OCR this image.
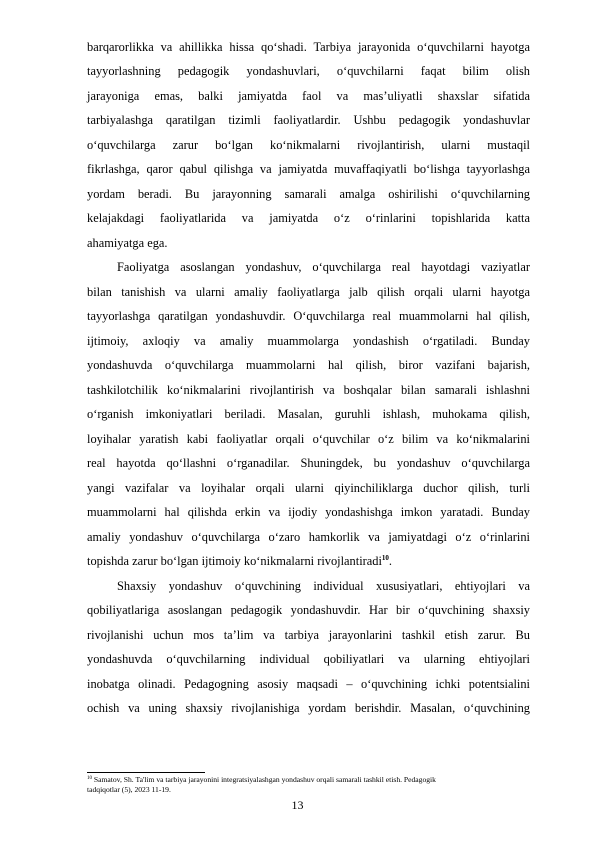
barqarorlikka va ahillikka hissa qo‘shadi. Tarbiya jarayonida o‘quvchilarni hayotga
tayyorlashning pedagogik yondashuvlari, o‘quvchilarni faqat bilim olish
jarayoniga emas, balki jamiyatda faol va mas’uliyatli shaxslar sifatida
tarbiyalashga qaratilgan tizimli faoliyatlardir. Ushbu pedagogik yondashuvlar
o‘quvchilarga zarur bo‘lgan ko‘nikmalarni rivojlantirish, ularni mustaqil
fikrlashga, qaror qabul qilishga va jamiyatda muvaffaqiyatli bo‘lishga tayyorlashga
yordam beradi. Bu jarayonning samarali amalga oshirilishi o‘quvchilarning
kelajakdagi faoliyatlarida va jamiyatda o‘z o‘rinlarini topishlarida katta
ahamiyatga ega.
Faoliyatga asoslangan yondashuv, o‘quvchilarga real hayotdagi vaziyatlar
bilan tanishish va ularni amaliy faoliyatlarga jalb qilish orqali ularni hayotga
tayyorlashga qaratilgan yondashuvdir. O‘quvchilarga real muammolarni hal qilish,
ijtimoiy, axloqiy va amaliy muammolarga yondashish o‘rgatiladi. Bunday
yondashuvda o‘quvchilarga muammolarni hal qilish, biror vazifani bajarish,
tashkilotchilik ko‘nikmalarini rivojlantirish va boshqalar bilan samarali ishlashni
o‘rganish imkoniyatlari beriladi. Masalan, guruhli ishlash, muhokama qilish,
loyihalar yaratish kabi faoliyatlar orqali o‘quvchilar o‘z bilim va ko‘nikmalarini
real hayotda qo‘llashni o‘rganadilar. Shuningdek, bu yondashuv o‘quvchilarga
yangi vazifalar va loyihalar orqali ularni qiyinchiliklarga duchor qilish, turli
muammolarni hal qilishda erkin va ijodiy yondashishga imkon yaratadi. Bunday
amaliy yondashuv o‘quvchilarga o‘zaro hamkorlik va jamiyatdagi o‘z o‘rinlarini
topishda zarur bo‘lgan ijtimoiy ko‘nikmalarni rivojlantiradi$^{10}$.
Shaxsiy yondashuv o‘quvchining individual xususiyatlari, ehtiyojlari va
qobiliyatlariga asoslangan pedagogik yondashuvdir. Har bir o‘quvchining shaxsiy
rivojlanishi uchun mos ta’lim va tarbiya jarayonlarini tashkil etish zarur. Bu
yondashuvda o‘quvchilarning individual qobiliyatlari va ularning ehtiyojlari
inobatga olinadi. Pedagogning asosiy maqsadi – o‘quvchining ichki potentsialini
ochish va uning shaxsiy rivojlanishiga yordam berishdir. Masalan, o‘quvchining
$^{10}$ Samatov, Sh. Ta'lim va tarbiya jarayonini integratsiyalashgan yondashuv orqali samarali tashkil etish. Pedagogik
tadqiqotlar (5), 2023 11-19.
13
